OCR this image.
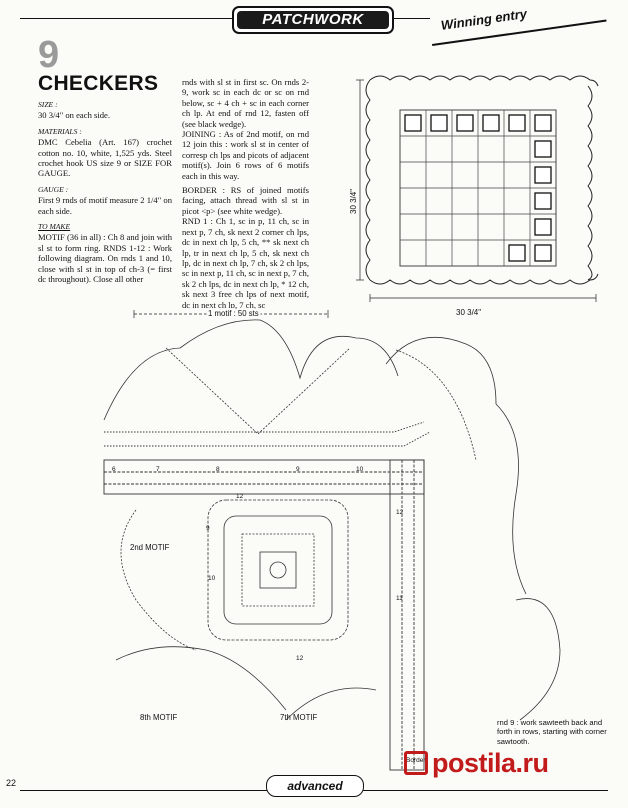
PATCHWORK	Winning entry
9
CHECKERS
SIZE :

30 3/4" on each side.

MATERIALS :

DMC Cebelia (Art. 167) crochet cotton no. 10, white, 1,525 yds. Steel crochet hook US size 9 or SIZE FOR GAUGE.

GAUGE :

First 9 rnds of motif measure 2 1/4" on each side.

TO MAKE

MOTIF (36 in all) : Ch 8 and join with sl st to form ring. RNDS 1-12 : Work following diagram. On rnds 1 and 10, close with sl st in top of ch-3 (= first dc throughout). Close all other

rnds with sl st in first sc. On rnds 2-9, work sc in each dc or sc on rnd below, sc + 4 ch + sc in each corner ch lp. At end of rnd 12, fasten off (see black wedge).

JOINING : As of 2nd motif, on rnd 12 join this : work sl st in center of corresp ch lps and picots of adjacent motif(s). Join 6 rows of 6 motifs each in this way.

BORDER : RS of joined motifs facing, attach thread with sl st in picot <p> (see white wedge).

RND 1 : Ch 1, sc in p, 11 ch, sc in next p, 7 ch, sk next 2 corner ch lps, dc in next ch lp, 5 ch, ** sk next ch lp, tr in next ch lp, 5 ch, sk next ch lp, dc in next ch lp, 7 ch, sk 2 ch lps, sc in next p, 11 ch, sc in next p, 7 ch, sk 2 ch lps, dc in next ch lp, * 12 ch, sk next 3 free ch lps of next motif, dc in next ch lp, 7 ch, sc

30 3/4"
30 3/4"
1 motif : 50 sts
6	7	8	9	10
12
12
11
9
10
12
2nd MOTIF
8th MOTIF	7th MOTIF
Border
rnd 9 : work sawteeth back and forth in rows, starting with corner sawtooth.
postila.ru
22	advanced
